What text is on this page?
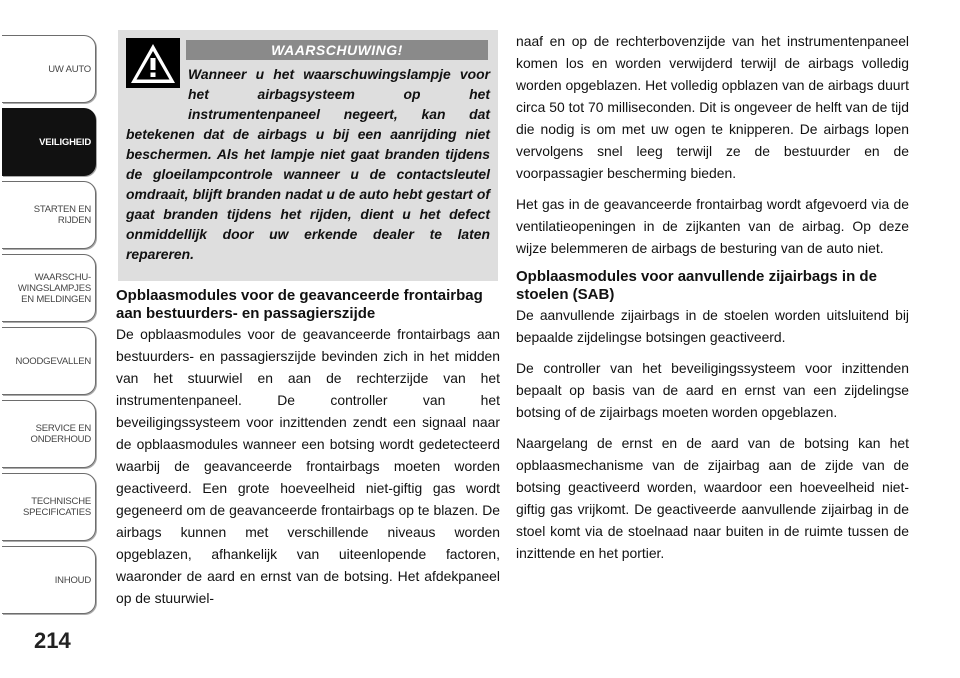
UW AUTO
VEILIGHEID
STARTEN EN
RIJDEN
WAARSCHU-
WINGSLAMPJES
EN MELDINGEN
NOODGEVALLEN
SERVICE EN
ONDERHOUD
TECHNISCHE
SPECIFICATIES
INHOUD
214
WAARSCHUWING!

Wanneer u het waarschuwingslampje voor het airbagsysteem op het instrumentenpaneel negeert, kan dat betekenen dat de airbags u bij een aanrijding niet beschermen. Als het lampje niet gaat branden tijdens de gloeilampcontrole wanneer u de contactsleutel omdraait, blijft branden nadat u de auto hebt gestart of gaat branden tijdens het rijden, dient u het defect onmiddellijk door uw erkende dealer te laten repareren.

Opblaasmodules voor de geavanceerde frontairbag aan bestuurders- en passagierszijde

De opblaasmodules voor de geavanceerde frontairbags aan bestuurders- en passagierszijde bevinden zich in het midden van het stuurwiel en aan de rechterzijde van het instrumentenpaneel. De controller van het beveiligingssysteem voor inzittenden zendt een signaal naar de opblaasmodules wanneer een botsing wordt gedetecteerd waarbij de geavanceerde frontairbags moeten worden geactiveerd. Een grote hoeveelheid niet-giftig gas wordt gegeneerd om de geavanceerde frontairbags op te blazen. De airbags kunnen met verschillende niveaus worden opgeblazen, afhankelijk van uiteenlopende factoren, waaronder de aard en ernst van de botsing. Het afdekpaneel op de stuurwiel-

naaf en op de rechterbovenzijde van het instrumentenpaneel komen los en worden verwijderd terwijl de airbags volledig worden opgeblazen. Het volledig opblazen van de airbags duurt circa 50 tot 70 milliseconden. Dit is ongeveer de helft van de tijd die nodig is om met uw ogen te knipperen. De airbags lopen vervolgens snel leeg terwijl ze de bestuurder en de voorpassagier bescherming bieden.

Het gas in de geavanceerde frontairbag wordt afgevoerd via de ventilatieopeningen in de zijkanten van de airbag. Op deze wijze belemmeren de airbags de besturing van de auto niet.

Opblaasmodules voor aanvullende zijairbags in de stoelen (SAB)

De aanvullende zijairbags in de stoelen worden uitsluitend bij bepaalde zijdelingse botsingen geactiveerd.

De controller van het beveiligingssysteem voor inzittenden bepaalt op basis van de aard en ernst van een zijdelingse botsing of de zijairbags moeten worden opgeblazen.

Naargelang de ernst en de aard van de botsing kan het opblaasmechanisme van de zijairbag aan de zijde van de botsing geactiveerd worden, waardoor een hoeveelheid niet-giftig gas vrijkomt. De geactiveerde aanvullende zijairbag in de stoel komt via de stoelnaad naar buiten in de ruimte tussen de inzittende en het portier.
